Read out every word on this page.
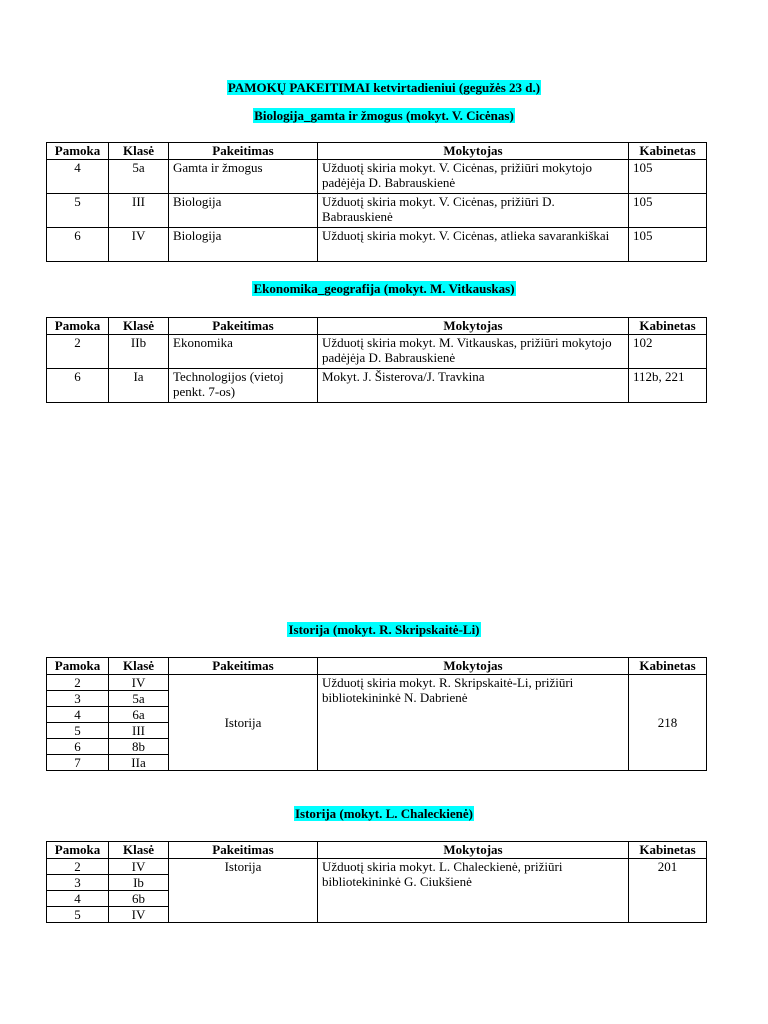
PAMOKŲ PAKEITIMAI ketvirtadieniui (gegužės 23 d.)
Biologija_gamta ir žmogus (mokyt. V. Cicėnas)
Pamoka	Klasė	Pakeitimas	Mokytojas	Kabinetas
4	5a	Gamta ir žmogus	Užduotį skiria mokyt. V. Cicėnas, prižiūri mokytojo padėjėja D. Babrauskienė	105
5	III	Biologija	Užduotį skiria mokyt. V. Cicėnas, prižiūri D. Babrauskienė	105
6	IV	Biologija	Užduotį skiria mokyt. V. Cicėnas, atlieka savarankiškai	105
Ekonomika_geografija (mokyt. M. Vitkauskas)
Pamoka	Klasė	Pakeitimas	Mokytojas	Kabinetas
2	IIb	Ekonomika	Užduotį skiria mokyt. M. Vitkauskas, prižiūri mokytojo padėjėja D. Babrauskienė	102
6	Ia	Technologijos (vietoj penkt. 7-os)	Mokyt. J. Šisterova/J. Travkina	112b, 221
Istorija (mokyt. R. Skripskaitė-Li)
Pamoka	Klasė	Pakeitimas	Mokytojas	Kabinetas
2	IV	Istorija	Užduotį skiria mokyt. R. Skripskaitė-Li, prižiūri bibliotekininkė N. Dabrienė	218
3	5a			
4	6a			
5	III			
6	8b			
7	IIa			
Istorija (mokyt. L. Chaleckienė)
Pamoka	Klasė	Pakeitimas	Mokytojas	Kabinetas
2	IV	Istorija	Užduotį skiria mokyt. L. Chaleckienė, prižiūri bibliotekininkė G. Ciukšienė	201
3	Ib			
4	6b			
5	IV			
